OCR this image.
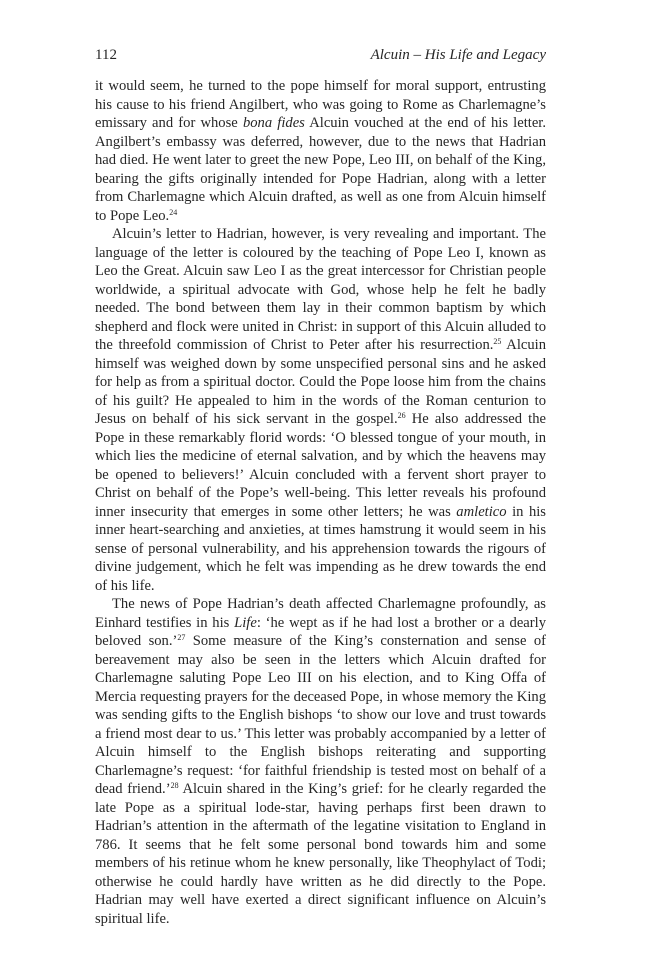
112	Alcuin – His Life and Legacy

it would seem, he turned to the pope himself for moral support, entrusting his cause to his friend Angilbert, who was going to Rome as Charlemagne’s emissary and for whose bona fides Alcuin vouched at the end of his letter. Angilbert’s embassy was deferred, however, due to the news that Hadrian had died. He went later to greet the new Pope, Leo III, on behalf of the King, bearing the gifts originally intended for Pope Hadrian, along with a letter from Charlemagne which Alcuin drafted, as well as one from Alcuin himself to Pope Leo.$^{24}$

Alcuin’s letter to Hadrian, however, is very revealing and important. The language of the letter is coloured by the teaching of Pope Leo I, known as Leo the Great. Alcuin saw Leo I as the great intercessor for Christian people worldwide, a spiritual advocate with God, whose help he felt he badly needed. The bond between them lay in their common baptism by which shepherd and flock were united in Christ: in support of this Alcuin alluded to the threefold commission of Christ to Peter after his resurrection.$^{25}$ Alcuin himself was weighed down by some unspecified personal sins and he asked for help as from a spiritual doctor. Could the Pope loose him from the chains of his guilt? He appealed to him in the words of the Roman centurion to Jesus on behalf of his sick servant in the gospel.$^{26}$ He also addressed the Pope in these remarkably florid words: ‘O blessed tongue of your mouth, in which lies the medicine of eternal salvation, and by which the heavens may be opened to believers!’ Alcuin concluded with a fervent short prayer to Christ on behalf of the Pope’s well-being. This letter reveals his profound inner insecurity that emerges in some other letters; he was amletico in his inner heart-searching and anxieties, at times hamstrung it would seem in his sense of personal vulnerability, and his apprehension towards the rigours of divine judgement, which he felt was impending as he drew towards the end of his life.

The news of Pope Hadrian’s death affected Charlemagne profoundly, as Einhard testifies in his Life: ‘he wept as if he had lost a brother or a dearly beloved son.’$^{27}$ Some measure of the King’s consternation and sense of bereavement may also be seen in the letters which Alcuin drafted for Charlemagne saluting Pope Leo III on his election, and to King Offa of Mercia requesting prayers for the deceased Pope, in whose memory the King was sending gifts to the English bishops ‘to show our love and trust towards a friend most dear to us.’ This letter was probably accompanied by a letter of Alcuin himself to the English bishops reiterating and supporting Charlemagne’s request: ‘for faithful friendship is tested most on behalf of a dead friend.’$^{28}$ Alcuin shared in the King’s grief: for he clearly regarded the late Pope as a spiritual lode-star, having perhaps first been drawn to Hadrian’s attention in the aftermath of the legatine visitation to England in 786. It seems that he felt some personal bond towards him and some members of his retinue whom he knew personally, like Theophylact of Todi; otherwise he could hardly have written as he did directly to the Pope. Hadrian may well have exerted a direct significant influence on Alcuin’s spiritual life.
